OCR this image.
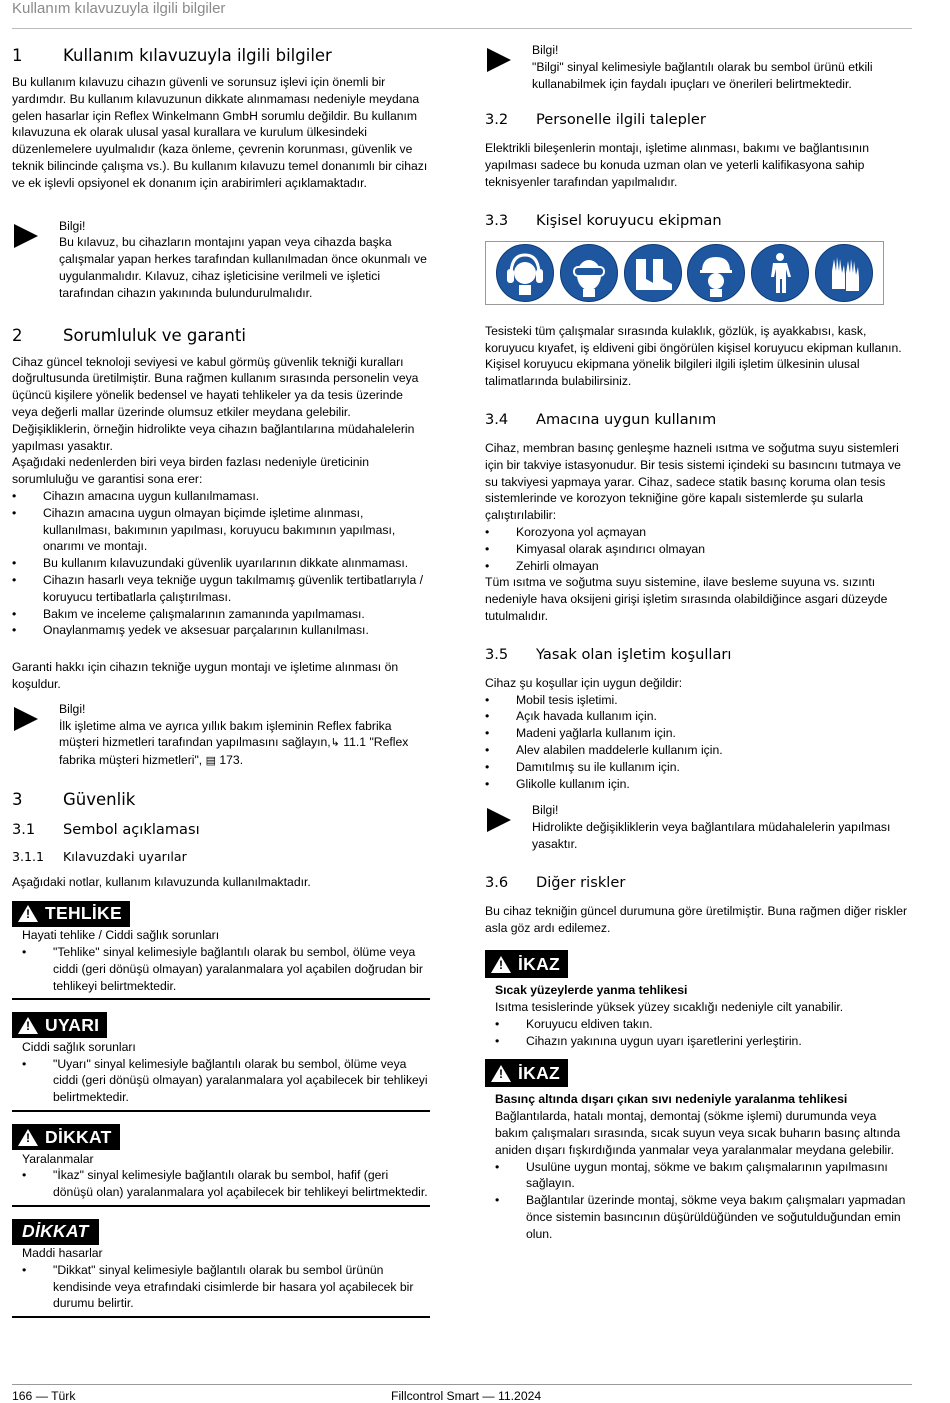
Kullanım kılavuzuyla ilgili bilgiler
1 Kullanım kılavuzuyla ilgili bilgiler

Bu kullanım kılavuzu cihazın güvenli ve sorunsuz işlevi için önemli bir yardımdır. Bu kullanım kılavuzunun dikkate alınmaması nedeniyle meydana gelen hasarlar için Reflex Winkelmann GmbH sorumlu değildir. Bu kullanım kılavuzuna ek olarak ulusal yasal kurallara ve kurulum ülkesindeki düzenlemelere uyulmalıdır (kaza önleme, çevrenin korunması, güvenlik ve teknik bilincinde çalışma vs.). Bu kullanım kılavuzu temel donanımlı bir cihazı ve ek işlevli opsiyonel ek donanım için arabirimleri açıklamaktadır.

Bilgi!

Bu kılavuz, bu cihazların montajını yapan veya cihazda başka çalışmalar yapan herkes tarafından kullanılmadan önce okunmalı ve uygulanmalıdır. Kılavuz, cihaz işleticisine verilmeli ve işletici tarafından cihazın yakınında bulundurulmalıdır.

2 Sorumluluk ve garanti

Cihaz güncel teknoloji seviyesi ve kabul görmüş güvenlik tekniği kuralları doğrultusunda üretilmiştir. Buna rağmen kullanım sırasında personelin veya üçüncü kişilere yönelik bedensel ve hayati tehlikeler ya da tesis üzerinde veya değerli mallar üzerinde olumsuz etkiler meydana gelebilir.

Değişikliklerin, örneğin hidrolikte veya cihazın bağlantılarına müdahalelerin yapılması yasaktır.

Aşağıdaki nedenlerden biri veya birden fazlası nedeniyle üreticinin sorumluluğu ve garantisi sona erer:

• Cihazın amacına uygun kullanılmaması.
• Cihazın amacına uygun olmayan biçimde işletime alınması, kullanılması, bakımının yapılması, koruyucu bakımının yapılması, onarımı ve montajı.
• Bu kullanım kılavuzundaki güvenlik uyarılarının dikkate alınmaması.
• Cihazın hasarlı veya tekniğe uygun takılmamış güvenlik tertibatlarıyla / koruyucu tertibatlarla çalıştırılması.
• Bakım ve inceleme çalışmalarının zamanında yapılmaması.
• Onaylanmamış yedek ve aksesuar parçalarının kullanılması.

Garanti hakkı için cihazın tekniğe uygun montajı ve işletime alınması ön koşuldur.

Bilgi!

İlk işletime alma ve ayrıca yıllık bakım işleminin Reflex fabrika müşteri hizmetleri tarafından yapılmasını sağlayın,↳ 11.1 "Reflex fabrika müşteri hizmetleri", ▤ 173.

3 Güvenlik
3.1 Sembol açıklaması
3.1.1 Kılavuzdaki uyarılar

Aşağıdaki notlar, kullanım kılavuzunda kullanılmaktadır.

! TEHLİKE

Hayati tehlike / Ciddi sağlık sorunları

• "Tehlike" sinyal kelimesiyle bağlantılı olarak bu sembol, ölüme veya ciddi (geri dönüşü olmayan) yaralanmalara yol açabilen doğrudan bir tehlikeyi belirtmektedir.
! UYARI

Ciddi sağlık sorunları

• "Uyarı" sinyal kelimesiyle bağlantılı olarak bu sembol, ölüme veya ciddi (geri dönüşü olmayan) yaralanmalara yol açabilecek bir tehlikeyi belirtmektedir.
! DİKKAT

Yaralanmalar

• "İkaz" sinyal kelimesiyle bağlantılı olarak bu sembol, hafif (geri dönüşü olan) yaralanmalara yol açabilecek bir tehlikeyi belirtmektedir.
DİKKAT

Maddi hasarlar

• "Dikkat" sinyal kelimesiyle bağlantılı olarak bu sembol ürünün kendisinde veya etrafındaki cisimlerde bir hasara yol açabilecek bir durumu belirtir.
Bilgi!

"Bilgi" sinyal kelimesiyle bağlantılı olarak bu sembol ürünü etkili kullanabilmek için faydalı ipuçları ve önerileri belirtmektedir.

3.2 Personelle ilgili talepler

Elektrikli bileşenlerin montajı, işletime alınması, bakımı ve bağlantısının yapılması sadece bu konuda uzman olan ve yeterli kalifikasyona sahip teknisyenler tarafından yapılmalıdır.

3.3 Kişisel koruyucu ekipman

Tesisteki tüm çalışmalar sırasında kulaklık, gözlük, iş ayakkabısı, kask, koruyucu kıyafet, iş eldiveni gibi öngörülen kişisel koruyucu ekipman kullanın.

Kişisel koruyucu ekipmana yönelik bilgileri ilgili işletim ülkesinin ulusal talimatlarında bulabilirsiniz.

3.4 Amacına uygun kullanım

Cihaz, membran basınç genleşme hazneli ısıtma ve soğutma suyu sistemleri için bir takviye istasyonudur. Bir tesis sistemi içindeki su basıncını tutmaya ve su takviyesi yapmaya yarar. Cihaz, sadece statik basınç koruma olan tesis sistemlerinde ve korozyon tekniğine göre kapalı sistemlerde şu sularla çalıştırılabilir:

• Korozyona yol açmayan
• Kimyasal olarak aşındırıcı olmayan
• Zehirli olmayan

Tüm ısıtma ve soğutma suyu sistemine, ilave besleme suyuna vs. sızıntı nedeniyle hava oksijeni girişi işletim sırasında olabildiğince asgari düzeyde tutulmalıdır.

3.5 Yasak olan işletim koşulları

Cihaz şu koşullar için uygun değildir:

• Mobil tesis işletimi.
• Açık havada kullanım için.
• Madeni yağlarla kullanım için.
• Alev alabilen maddelerle kullanım için.
• Damıtılmış su ile kullanım için.
• Glikolle kullanım için.
Bilgi!

Hidrolikte değişikliklerin veya bağlantılara müdahalelerin yapılması yasaktır.

3.6 Diğer riskler

Bu cihaz tekniğin güncel durumuna göre üretilmiştir. Buna rağmen diğer riskler asla göz ardı edilemez.

! İKAZ
Sıcak yüzeylerde yanma tehlikesi

Isıtma tesislerinde yüksek yüzey sıcaklığı nedeniyle cilt yanabilir.

• Koruyucu eldiven takın.
• Cihazın yakınına uygun uyarı işaretlerini yerleştirin.
! İKAZ
Basınç altında dışarı çıkan sıvı nedeniyle yaralanma tehlikesi

Bağlantılarda, hatalı montaj, demontaj (sökme işlemi) durumunda veya bakım çalışmaları sırasında, sıcak suyun veya sıcak buharın basınç altında aniden dışarı fışkırdığında yanmalar veya yaralanmalar meydana gelebilir.

• Usulüne uygun montaj, sökme ve bakım çalışmalarının yapılmasını sağlayın.
• Bağlantılar üzerinde montaj, sökme veya bakım çalışmaları yapmadan önce sistemin basıncının düşürüldüğünden ve soğutulduğundan emin olun.
166 — Türk	Fillcontrol Smart — 11.2024
